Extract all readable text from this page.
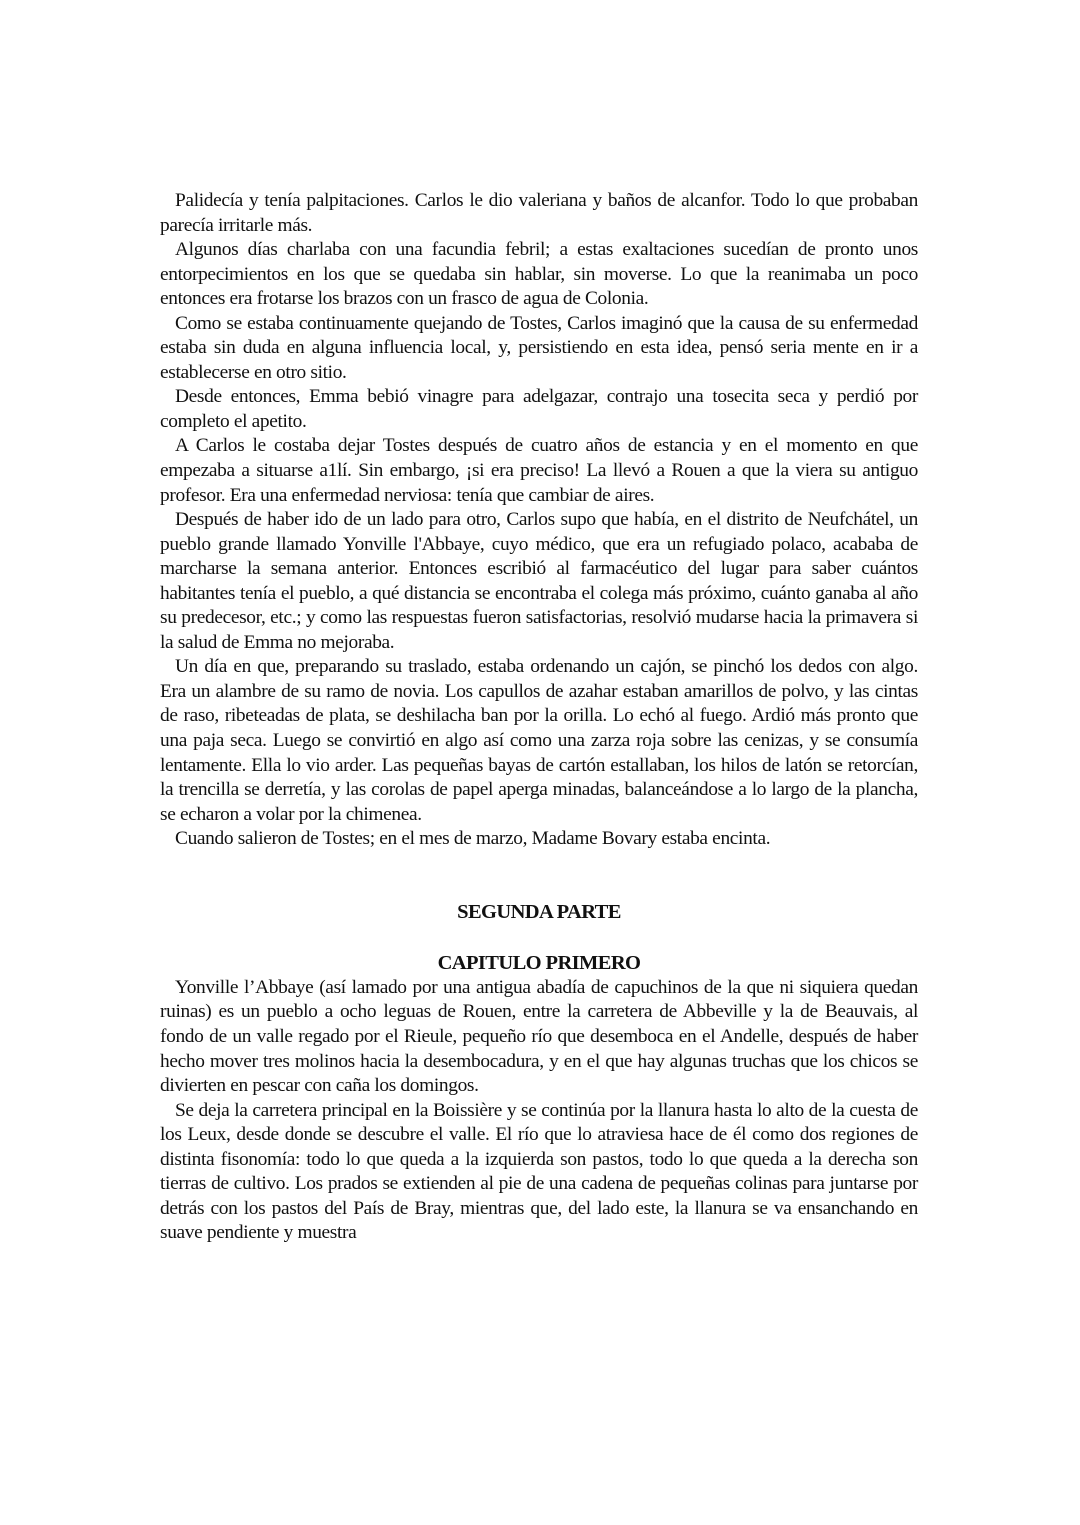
Palidecía y tenía palpitaciones. Carlos le dio valeriana y baños de alcanfor. Todo lo que probaban parecía irritarle más.

Algunos días charlaba con una facundia febril; a estas exaltaciones sucedían de pronto unos entorpecimientos en los que se quedaba sin hablar, sin moverse. Lo que la reanimaba un poco entonces era frotarse los brazos con un frasco de agua de Colonia.

Como se estaba continuamente quejando de Tostes, Carlos imaginó que la causa de su enfermedad estaba sin duda en alguna influencia local, y, persistiendo en esta idea, pensó seria mente en ir a establecerse en otro sitio.

Desde entonces, Emma bebió vinagre para adelgazar, contrajo una tosecita seca y perdió por completo el apetito.

A Carlos le costaba dejar Tostes después de cuatro años de estancia y en el momento en que empezaba a situarse a1lí. Sin embargo, ¡si era preciso! La llevó a Rouen a que la viera su antiguo profesor. Era una enfermedad nerviosa: tenía que cambiar de aires.

Después de haber ido de un lado para otro, Carlos supo que había, en el distrito de Neufchátel, un pueblo grande llamado Yonville l'Abbaye, cuyo médico, que era un refugiado polaco, acababa de marcharse la semana anterior. Entonces escribió al farmacéutico del lugar para saber cuántos habitantes tenía el pueblo, a qué distancia se encontraba el colega más próximo, cuánto ganaba al año su predecesor, etc.; y como las respuestas fueron satisfactorias, resolvió mudarse hacia la primavera si la salud de Emma no mejoraba.

Un día en que, preparando su traslado, estaba ordenando un cajón, se pinchó los dedos con algo. Era un alambre de su ramo de novia. Los capullos de azahar estaban amarillos de polvo, y las cintas de raso, ribeteadas de plata, se deshilacha ban por la orilla. Lo echó al fuego. Ardió más pronto que una paja seca. Luego se convirtió en algo así como una zarza roja sobre las cenizas, y se consumía lentamente. Ella lo vio arder. Las pequeñas bayas de cartón estallaban, los hilos de latón se retorcían, la trencilla se derretía, y las corolas de papel aperga minadas, balanceándose a lo largo de la plancha, se echaron a volar por la chimenea.

Cuando salieron de Tostes; en el mes de marzo, Madame Bovary estaba encinta.

SEGUNDA PARTE
CAPITULO PRIMERO

Yonville l’Abbaye (así lamado por una antigua abadía de capuchinos de la que ni siquiera quedan ruinas) es un pueblo a ocho leguas de Rouen, entre la carretera de Abbeville y la de Beauvais, al fondo de un valle regado por el Rieule, pequeño río que desemboca en el Andelle, después de haber hecho mover tres molinos hacia la desembocadura, y en el que hay algunas truchas que los chicos se divierten en pescar con caña los domingos.

Se deja la carretera principal en la Boissière y se continúa por la llanura hasta lo alto de la cuesta de los Leux, desde donde se descubre el valle. El río que lo atraviesa hace de él como dos regiones de distinta fisonomía: todo lo que queda a la izquierda son pastos, todo lo que queda a la derecha son tierras de cultivo. Los prados se extienden al pie de una cadena de pequeñas colinas para juntarse por detrás con los pastos del País de Bray, mientras que, del lado este, la llanura se va ensanchando en suave pendiente y muestra
